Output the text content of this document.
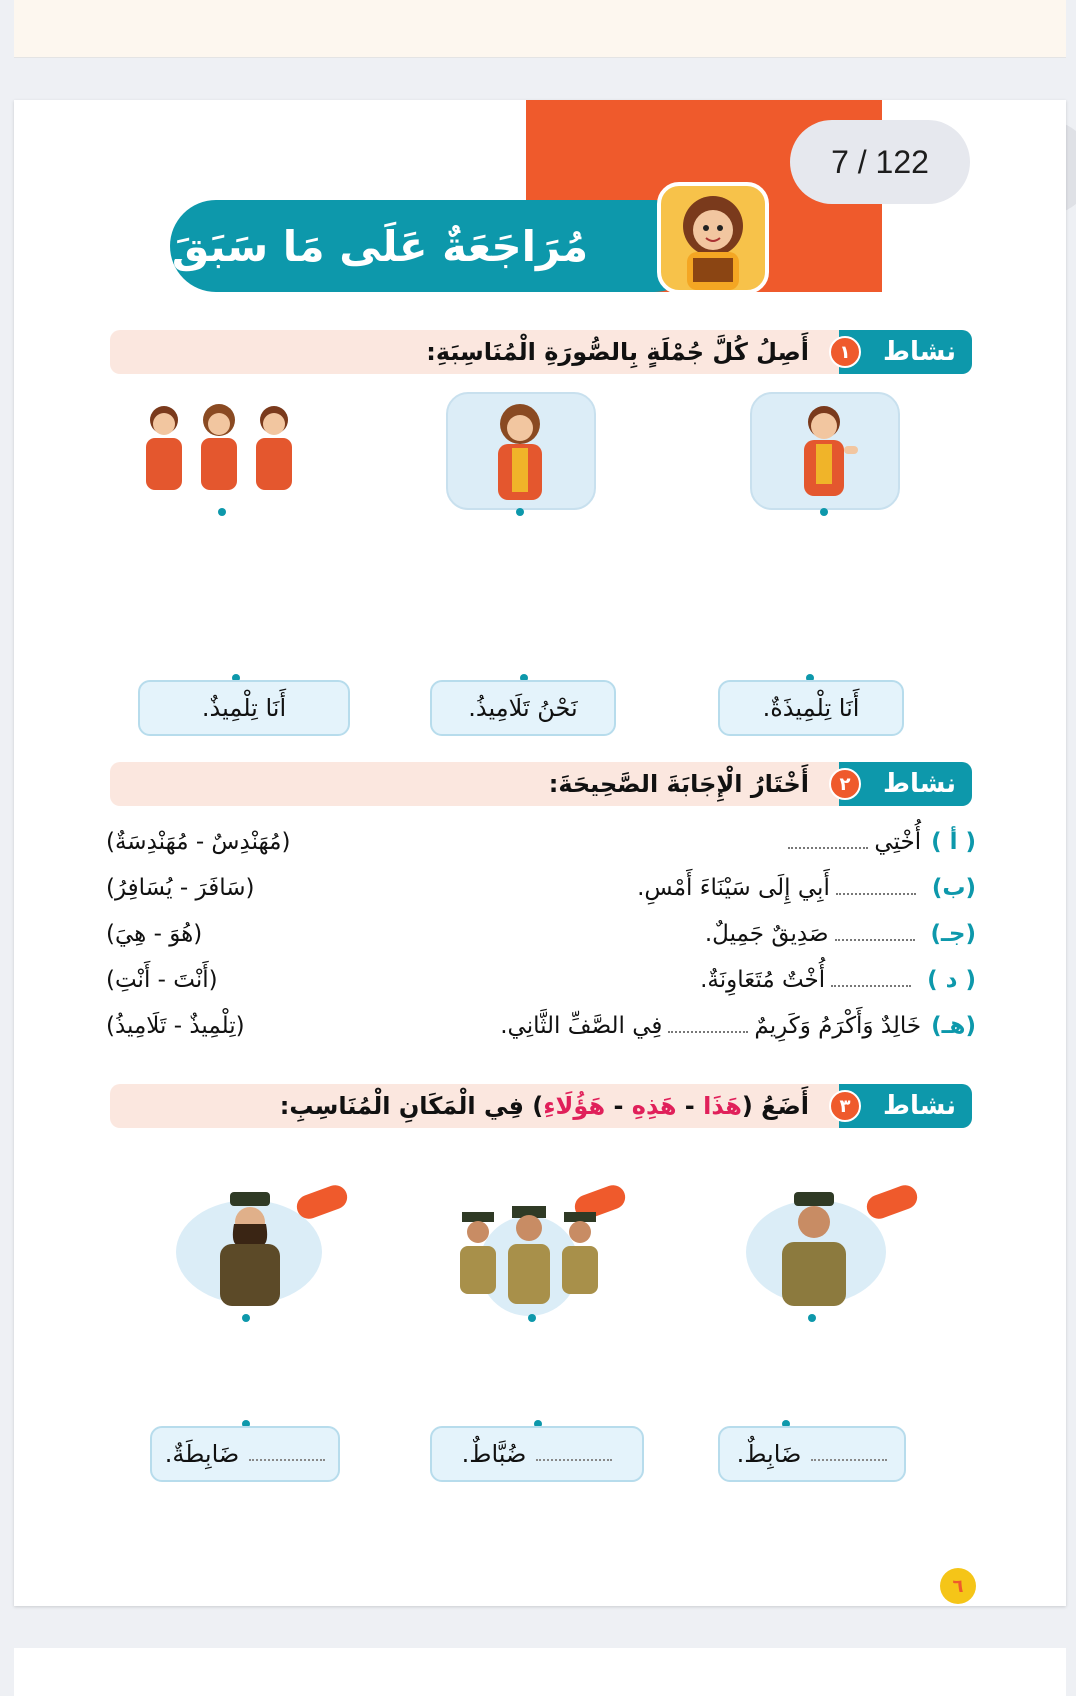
مُرَاجَعَةٌ عَلَى مَا سَبَقَ
نشاط
١
أَصِلُ كُلَّ جُمْلَةٍ بِالصُّورَةِ الْمُنَاسِبَةِ:
أَنَا تِلْمِيذَةٌ.
نَحْنُ تَلَامِيذُ.
أَنَا تِلْمِيذٌ.
نشاط
٢
أَخْتَارُ الْإِجَابَةَ الصَّحِيحَةَ:
( أ )
أُخْتِي
(مُهَنْدِسٌ - مُهَنْدِسَةٌ)
(ب)
أَبِي إِلَى سَيْنَاءَ أَمْسِ.
(سَافَرَ - يُسَافِرُ)
(جـ)
صَدِيقٌ جَمِيلٌ.
(هُوَ - هِيَ)
( د )
أُخْتٌ مُتَعَاوِنَةٌ.
(أَنْتَ - أَنْتِ)
(هـ)
خَالِدٌ وَأَكْرَمُ وَكَرِيمٌ
فِي الصَّفِّ الثَّانِي.
(تِلْمِيذٌ - تَلَامِيذُ)
نشاط
٣
أَضَعُ (هَذَا - هَذِهِ - هَؤُلَاءِ) فِي الْمَكَانِ الْمُنَاسِبِ:
ضَابِطٌ.
ضُبَّاطٌ.
ضَابِطَةٌ.
٦
7 / 122
